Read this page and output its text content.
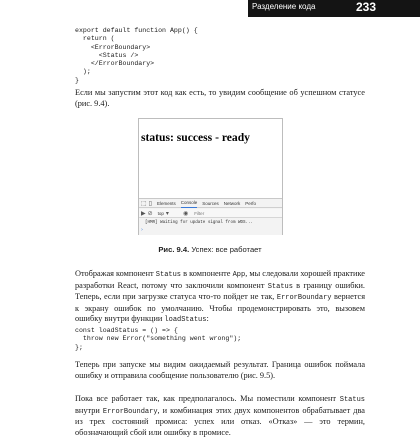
Разделение кода	233
export default function App() {
return (
<ErrorBoundary>
<Status />
</ErrorBoundary>
);
}

Если мы запустим этот код как есть, то увидим сообщение об успешном статусе (рис. 9.4).

status: success - ready
⬚ ▯ Elements Console Sources Network Perfo
▶ ⊘ top ▾ ◉ Filter
[HMR] Waiting for update signal from WDS...
›
Рис. 9.4. Успех: все работает

Отображая компонент Status в компоненте App, мы следовали хорошей практике разработки React, потому что заключили компонент Status в границу ошибки. Теперь, если при загрузке статуса что-то пойдет не так, ErrorBoundary вернется к экрану ошибок по умолчанию. Чтобы продемонстрировать это, вызовем ошибку внутри функции loadStatus:

const loadStatus = () => {
throw new Error("something went wrong");
};

Теперь при запуске мы видим ожидаемый результат. Граница ошибок поймала ошибку и отправила сообщение пользователю (рис. 9.5).

Пока все работает так, как предполагалось. Мы поместили компонент Status внутри ErrorBoundary, и комбинация этих двух компонентов обрабатывает два из трех состояний промиса: успех или отказ. «Отказ» — это термин, обозначающий сбой или ошибку в промисе.
